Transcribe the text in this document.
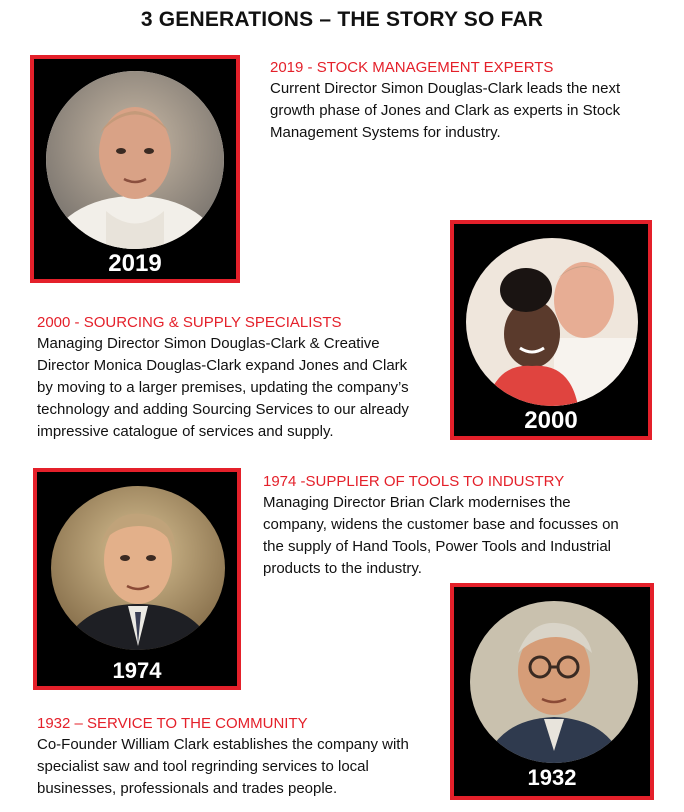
3 GENERATIONS – THE STORY SO FAR
2019
2019 - STOCK MANAGEMENT EXPERTS

Current Director Simon Douglas-Clark leads the next

growth phase of Jones and Clark as experts in Stock

Management Systems for industry.

2000
2000 - SOURCING & SUPPLY SPECIALISTS

Managing Director Simon Douglas-Clark & Creative

Director Monica Douglas-Clark expand Jones and Clark

by moving to a larger premises, updating the company’s

technology and adding Sourcing Services to our already

impressive catalogue of services and supply.

1974
1974 -SUPPLIER OF TOOLS TO INDUSTRY

Managing Director Brian Clark modernises the

company, widens the customer base and focusses on

the supply of Hand Tools, Power Tools and Industrial

products to the industry.

1932
1932 – SERVICE TO THE COMMUNITY

Co-Founder William Clark establishes the company with

specialist saw and tool regrinding services to local

businesses, professionals and trades people.
